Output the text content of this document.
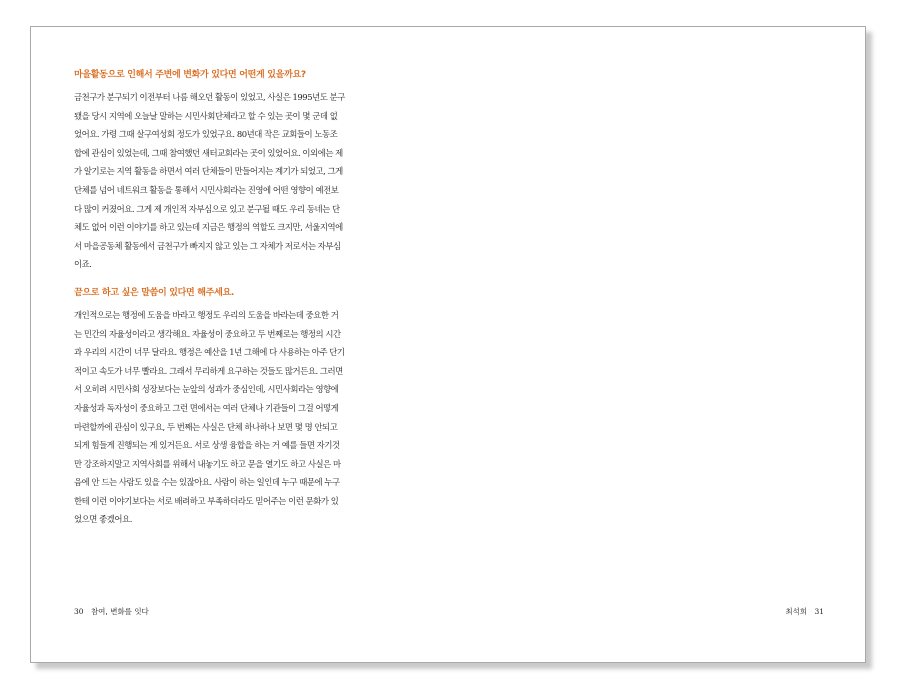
마을활동으로 인해서 주변에 변화가 있다면 어떤게 있을까요?
금천구가 분구되기 이전부터 나름 해오던 활동이 있었고, 사실은 1995년도 분구
됐을 당시 지역에 오늘날 말하는 시민사회단체라고 할 수 있는 곳이 몇 군데 없
었어요. 가령 그때 살구여성회 정도가 있었구요. 80년대 작은 교회들이 노동조
합에 관심이 있었는데, 그때 참여했던 새터교회라는 곳이 있었어요. 이외에는 제
가 알기로는 지역 활동을 하면서 여러 단체들이 만들어지는 계기가 되었고, 그게
단체를 넘어 네트워크 활동을 통해서 시민사회라는 진영에 어떤 영향이 예전보
다 많이 커졌어요. 그게 제 개인적 자부심으로 있고 분구될 때도 우리 동네는 단
체도 없어 이런 이야기를 하고 있는데 지금은 행정의 역할도 크지만, 서울지역에
서 마을공동체 활동에서 금천구가 빠지지 않고 있는 그 자체가 저로서는 자부심
이죠.
끝으로 하고 싶은 말씀이 있다면 해주세요.
개인적으로는 행정에 도움을 바라고 행정도 우리의 도움을 바라는데 중요한 거
는 민간의 자율성이라고 생각해요. 자율성이 중요하고 두 번째로는 행정의 시간
과 우리의 시간이 너무 달라요. 행정은 예산을 1년 그해에 다 사용하는 아주 단기
적이고 속도가 너무 빨라요. 그래서 무리하게 요구하는 것들도 많거든요. 그러면
서 오히려 시민사회 성장보다는 눈앞의 성과가 중심인데, 시민사회라는 영향에
자율성과 독자성이 중요하고 그런 면에서는 여러 단체나 기관들이 그걸 어떻게
마련할까에 관심이 있구요, 두 번째는 사실은 단체 하나하나 보면 몇 명 안되고
되게 힘들게 진행되는 게 있거든요. 서로 상생 융합을 하는 거 예를 들면 자기것
만 강조하지말고 지역사회를 위해서 내놓기도 하고 문을 열기도 하고 사실은 마
음에 안 드는 사람도 있을 수는 있잖아요. 사람이 하는 일인데 누구 때문에 누구
한테 이런 이야기보다는 서로 배려하고 부족하더라도 믿어주는 이런 문화가 있
었으면 좋겠어요.
30 참여, 변화를 잇다	최석희 31
